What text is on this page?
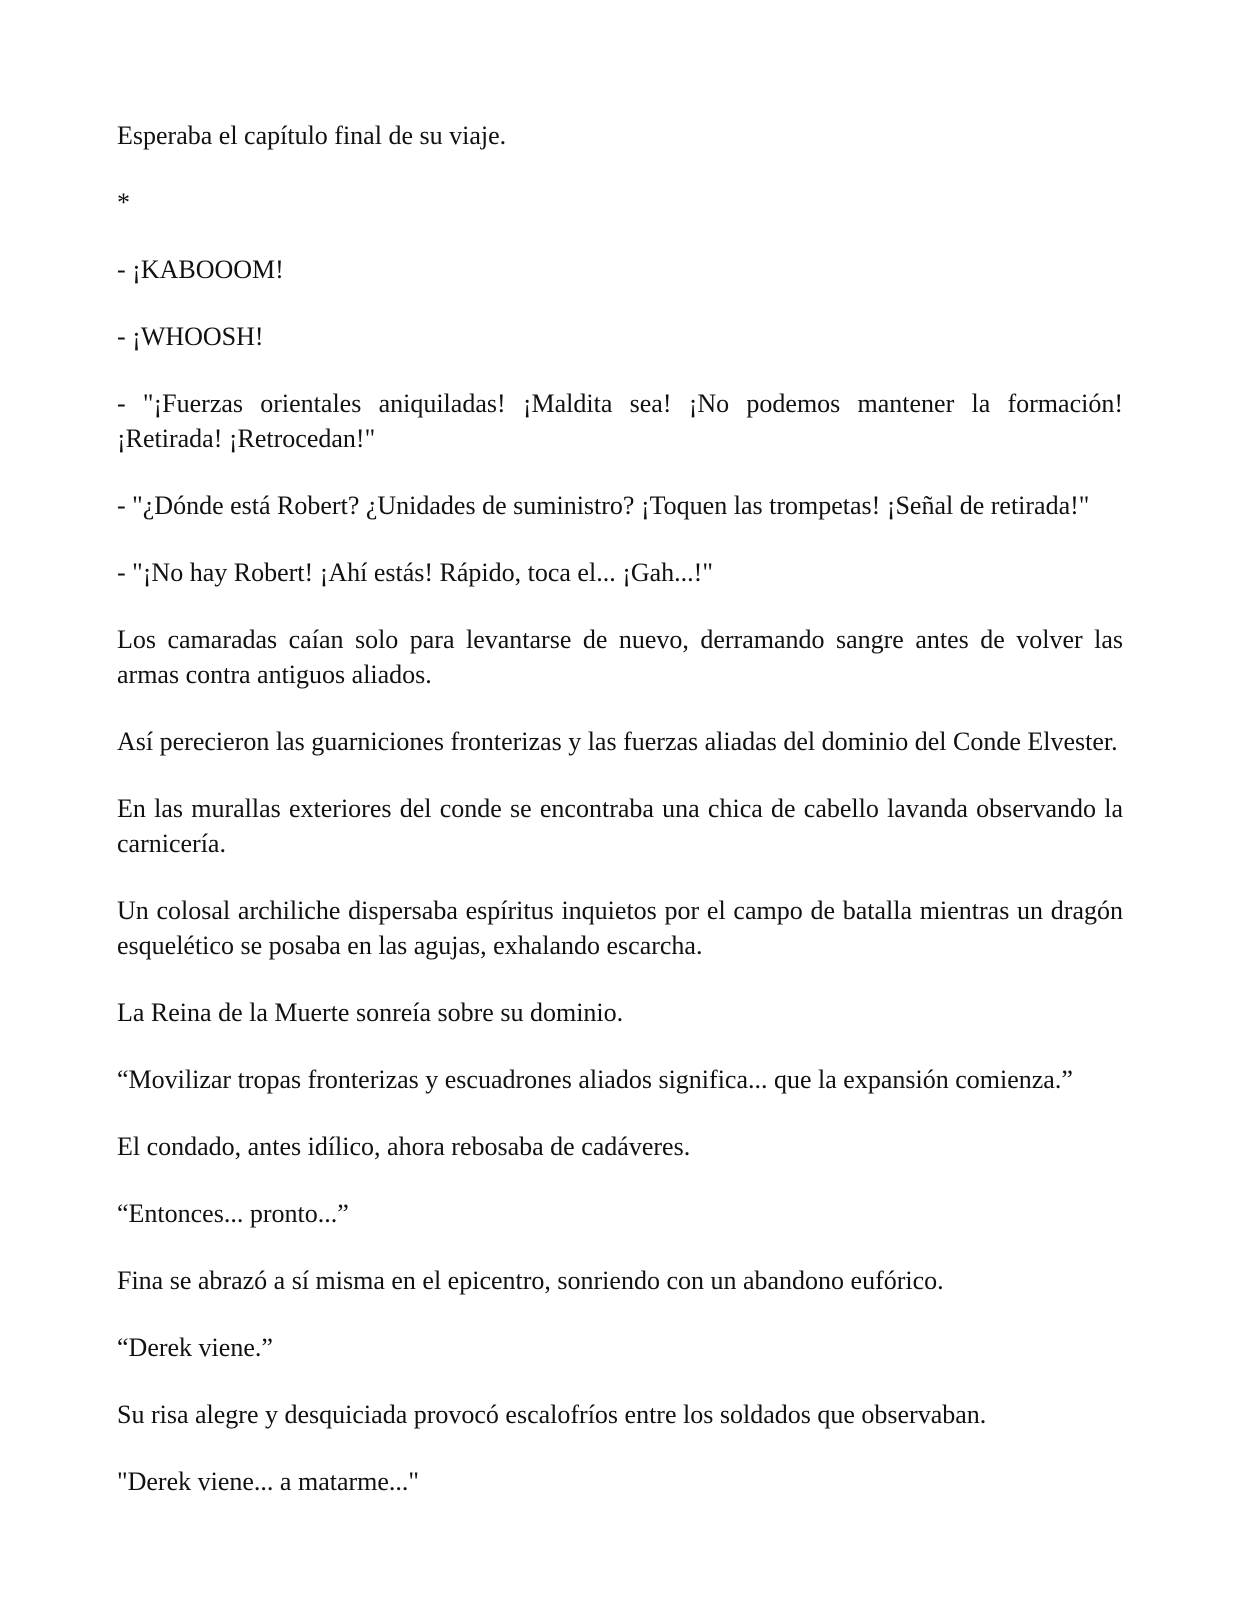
Esperaba el capítulo final de su viaje.

*

- ¡KABOOOM!

- ¡WHOOSH!

- "¡Fuerzas orientales aniquiladas! ¡Maldita sea! ¡No podemos mantener la formación! ¡Retirada! ¡Retrocedan!"

- "¿Dónde está Robert? ¿Unidades de suministro? ¡Toquen las trompetas! ¡Señal de retirada!"

- "¡No hay Robert! ¡Ahí estás! Rápido, toca el... ¡Gah...!"

Los camaradas caían solo para levantarse de nuevo, derramando sangre antes de volver las armas contra antiguos aliados.

Así perecieron las guarniciones fronterizas y las fuerzas aliadas del dominio del Conde Elvester.

En las murallas exteriores del conde se encontraba una chica de cabello lavanda observando la carnicería.

Un colosal archiliche dispersaba espíritus inquietos por el campo de batalla mientras un dragón esquelético se posaba en las agujas, exhalando escarcha.

La Reina de la Muerte sonreía sobre su dominio.

“Movilizar tropas fronterizas y escuadrones aliados significa... que la expansión comienza.”

El condado, antes idílico, ahora rebosaba de cadáveres.

“Entonces... pronto...”

Fina se abrazó a sí misma en el epicentro, sonriendo con un abandono eufórico.

“Derek viene.”

Su risa alegre y desquiciada provocó escalofríos entre los soldados que observaban.

"Derek viene... a matarme..."
